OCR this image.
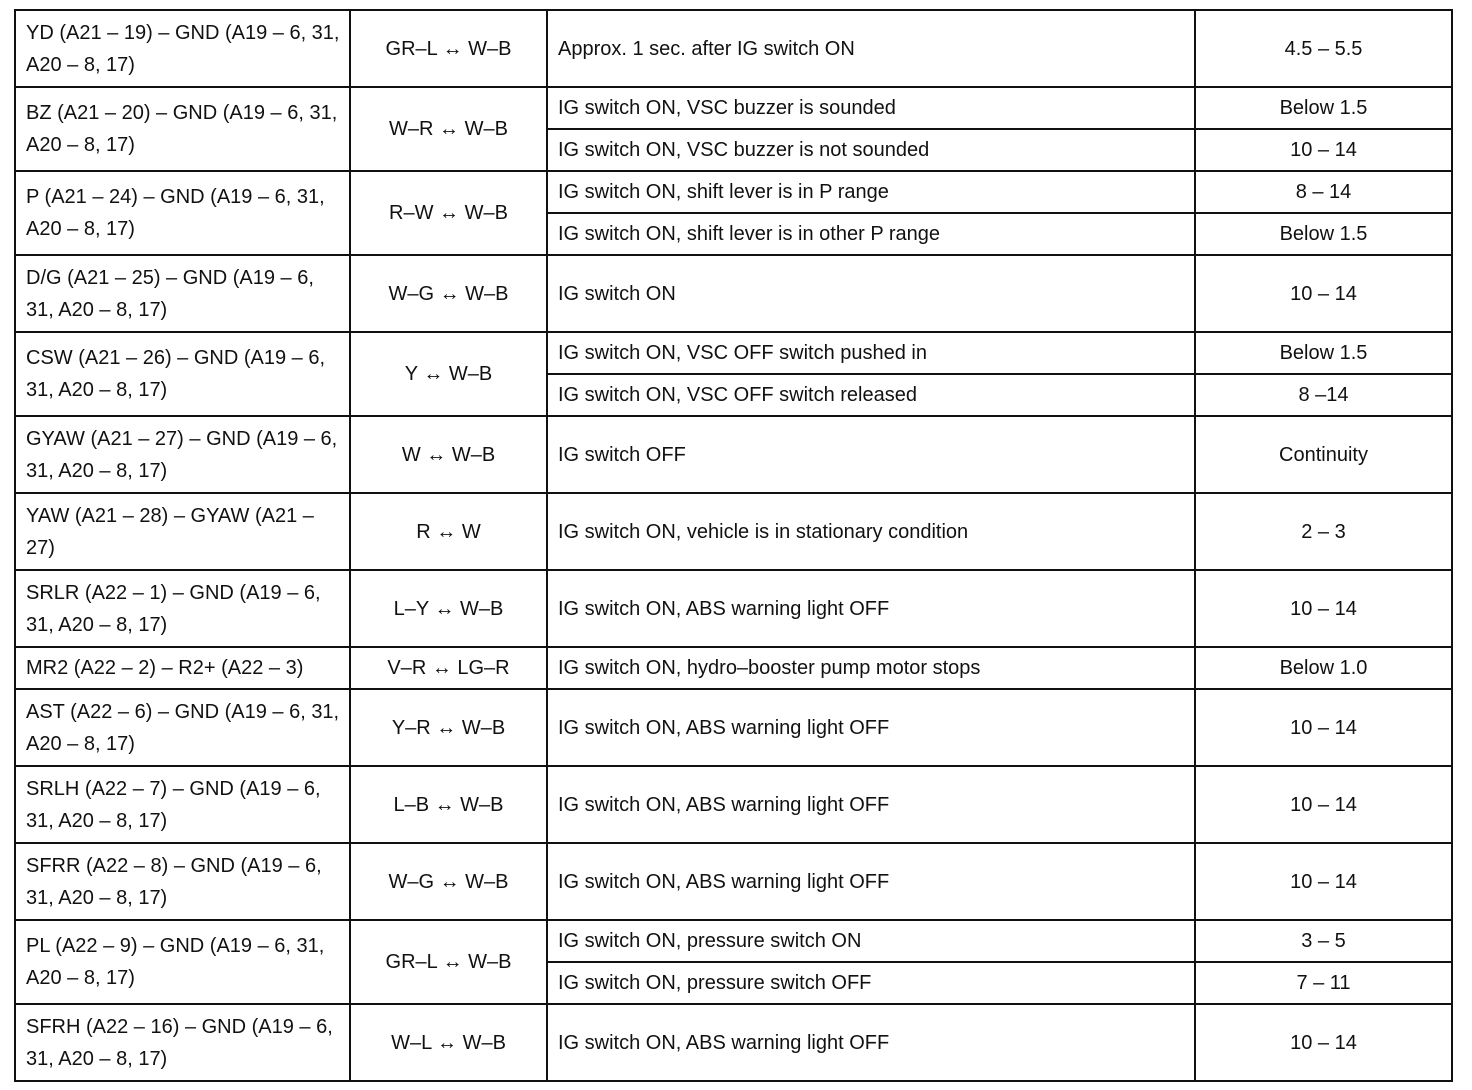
YD (A21 – 19) – GND (A19 – 6, 31, A20 – 8, 17)	GR–L ↔ W–B	Approx. 1 sec. after IG switch ON	4.5 – 5.5
BZ (A21 – 20) – GND (A19 – 6, 31, A20 – 8, 17)	W–R ↔ W–B	IG switch ON, VSC buzzer is sounded	Below 1.5
		IG switch ON, VSC buzzer is not sounded	10 – 14
P (A21 – 24) – GND (A19 – 6, 31, A20 – 8, 17)	R–W ↔ W–B	IG switch ON, shift lever is in P range	8 – 14
		IG switch ON, shift lever is in other P range	Below 1.5
D/G (A21 – 25) – GND (A19 – 6, 31, A20 – 8, 17)	W–G ↔ W–B	IG switch ON	10 – 14
CSW (A21 – 26) – GND (A19 – 6, 31, A20 – 8, 17)	Y ↔ W–B	IG switch ON, VSC OFF switch pushed in	Below 1.5
		IG switch ON, VSC OFF switch released	8 –14
GYAW (A21 – 27) – GND (A19 – 6, 31, A20 – 8, 17)	W ↔ W–B	IG switch OFF	Continuity
YAW (A21 – 28) – GYAW (A21 – 27)	R ↔ W	IG switch ON, vehicle is in stationary condition	2 – 3
SRLR (A22 – 1) – GND (A19 – 6, 31, A20 – 8, 17)	L–Y ↔ W–B	IG switch ON, ABS warning light OFF	10 – 14
MR2 (A22 – 2) – R2+ (A22 – 3)	V–R ↔ LG–R	IG switch ON, hydro–booster pump motor stops	Below 1.0
AST (A22 – 6) – GND (A19 – 6, 31, A20 – 8, 17)	Y–R ↔ W–B	IG switch ON, ABS warning light OFF	10 – 14
SRLH (A22 – 7) – GND (A19 – 6, 31, A20 – 8, 17)	L–B ↔ W–B	IG switch ON, ABS warning light OFF	10 – 14
SFRR (A22 – 8) – GND (A19 – 6, 31, A20 – 8, 17)	W–G ↔ W–B	IG switch ON, ABS warning light OFF	10 – 14
PL (A22 – 9) – GND (A19 – 6, 31, A20 – 8, 17)	GR–L ↔ W–B	IG switch ON, pressure switch ON	3 – 5
		IG switch ON, pressure switch OFF	7 – 11
SFRH (A22 – 16) – GND (A19 – 6, 31, A20 – 8, 17)	W–L ↔ W–B	IG switch ON, ABS warning light OFF	10 – 14
